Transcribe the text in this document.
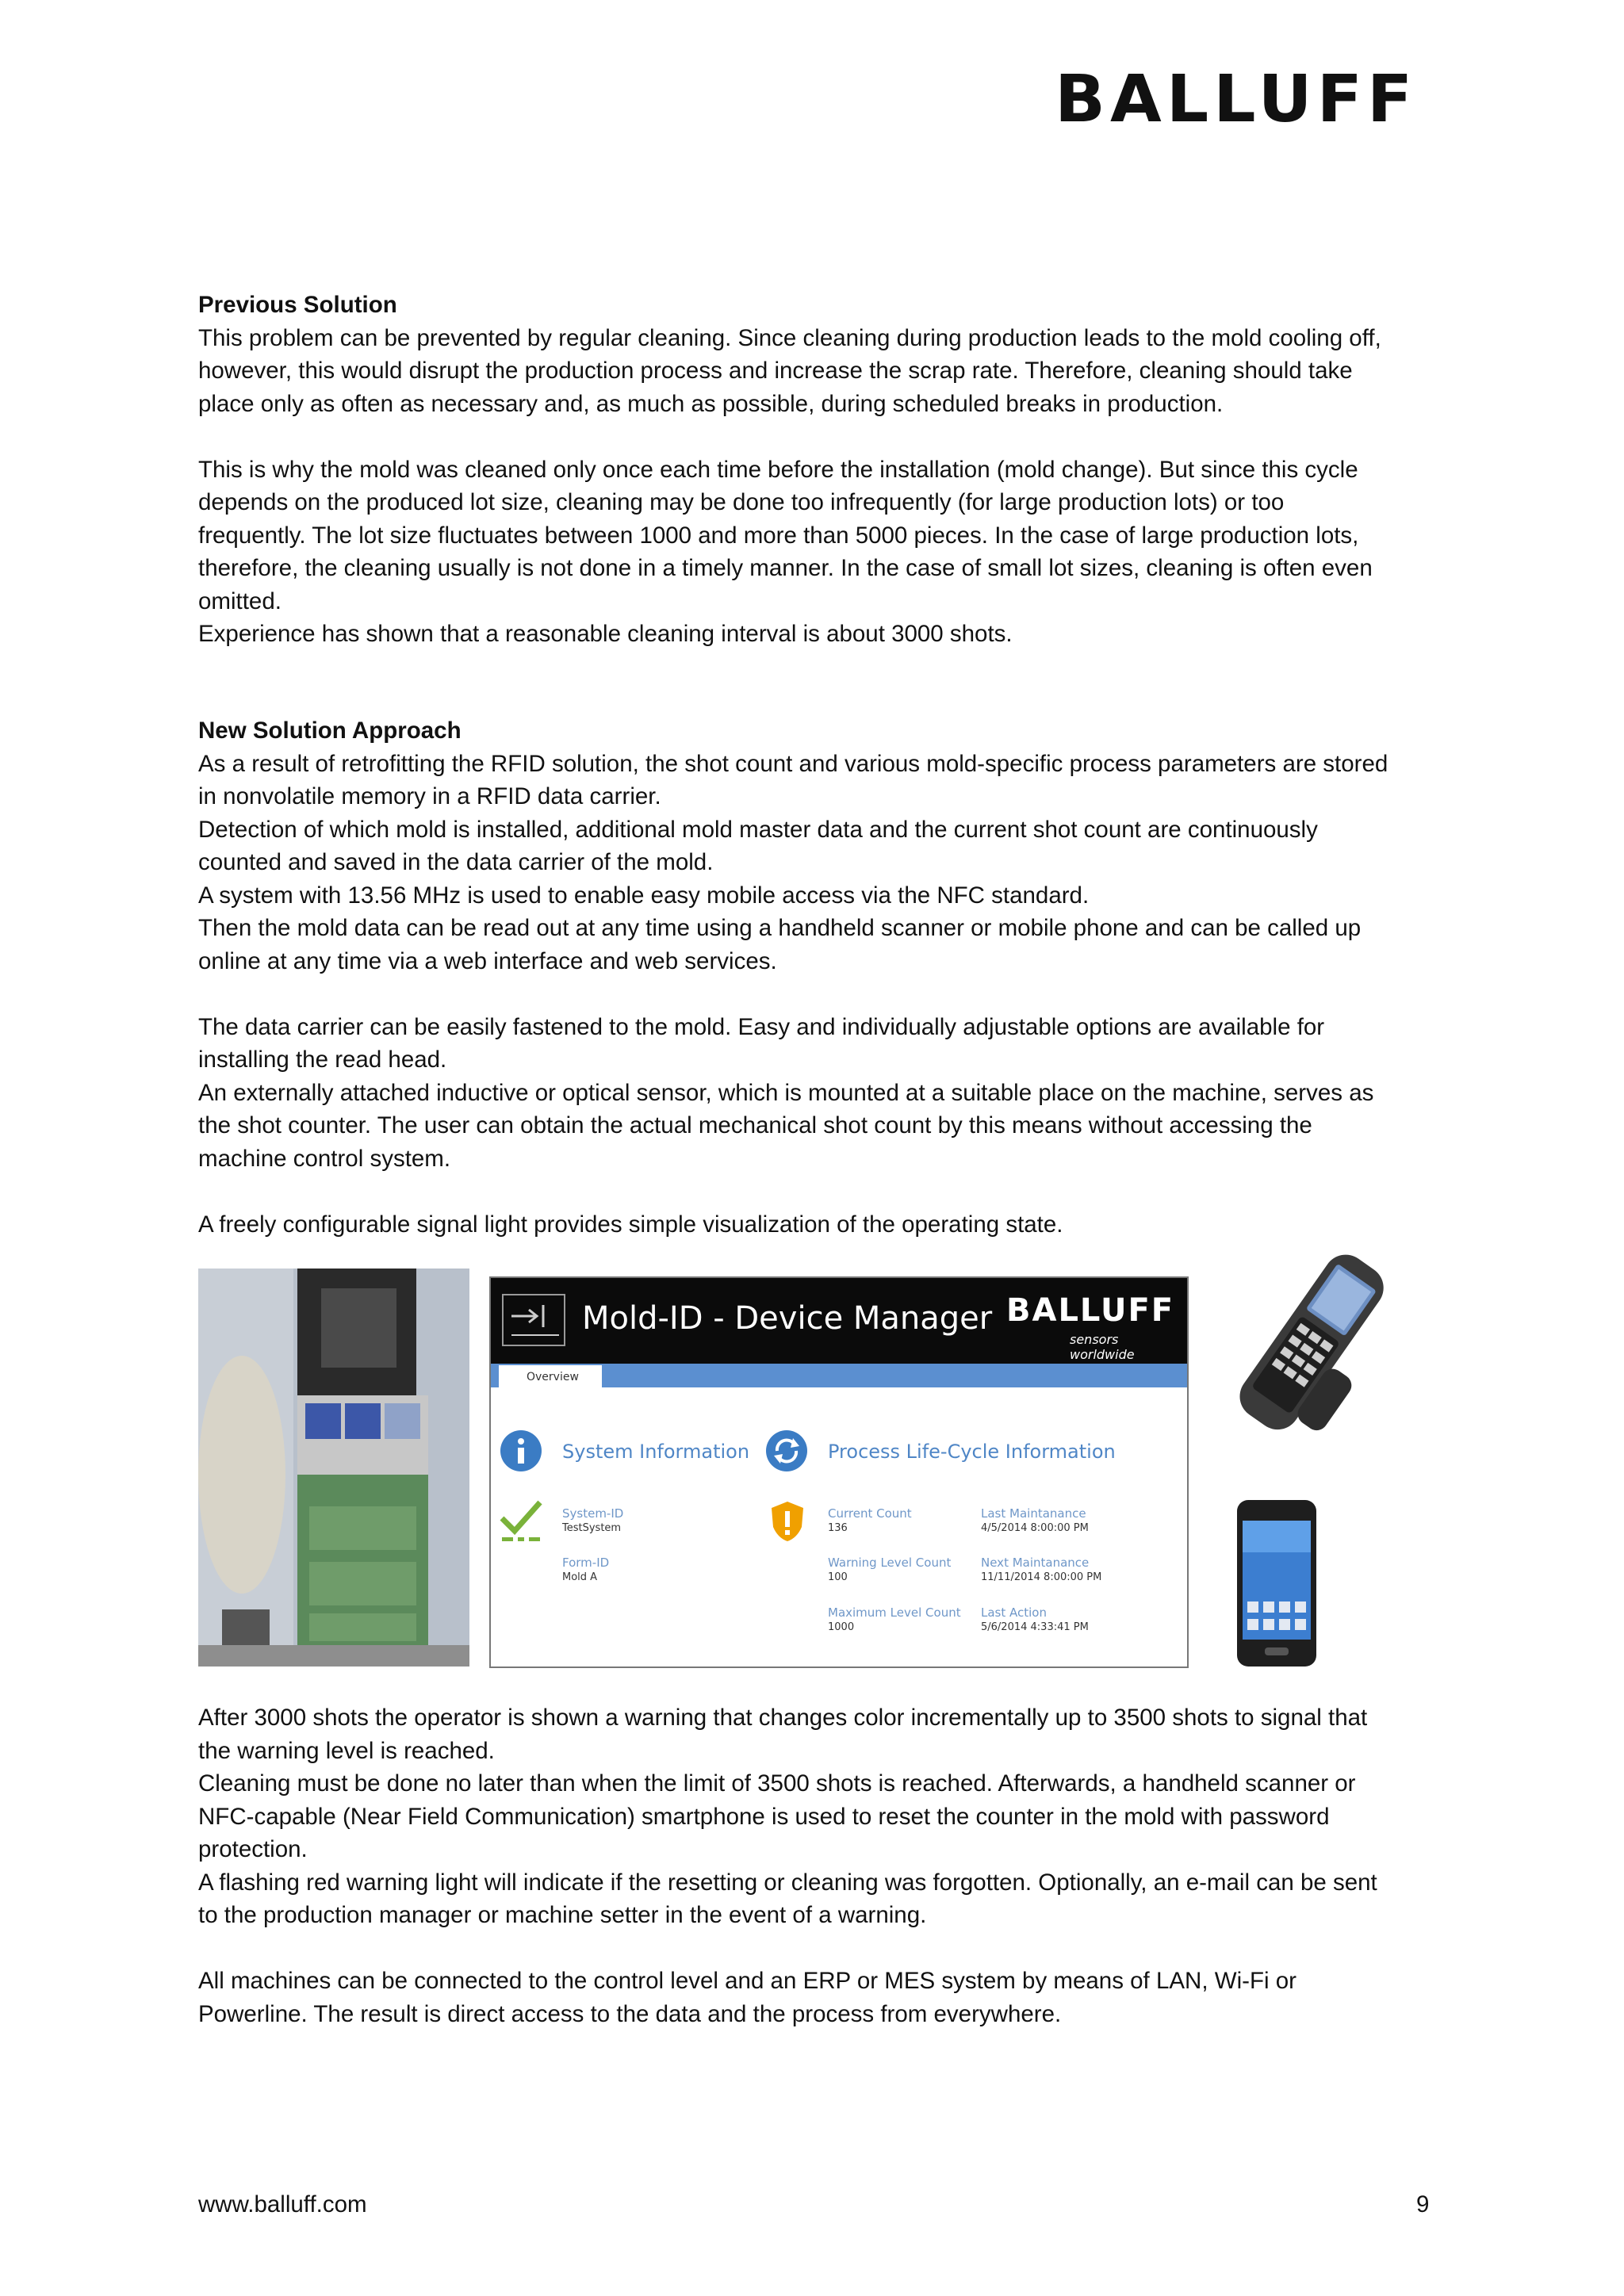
BALLUFF

Previous Solution

This problem can be prevented by regular cleaning. Since cleaning during production leads to the mold cooling off,
however, this would disrupt the production process and increase the scrap rate. Therefore, cleaning should take
place only as often as necessary and, as much as possible, during scheduled breaks in production.
This is why the mold was cleaned only once each time before the installation (mold change). But since this cycle
depends on the produced lot size, cleaning may be done too infrequently (for large production lots) or too
frequently. The lot size fluctuates between 1000 and more than 5000 pieces. In the case of large production lots,
therefore, the cleaning usually is not done in a timely manner. In the case of small lot sizes, cleaning is often even
omitted.
Experience has shown that a reasonable cleaning interval is about 3000 shots.

New Solution Approach

As a result of retrofitting the RFID solution, the shot count and various mold-specific process parameters are stored
in nonvolatile memory in a RFID data carrier.
Detection of which mold is installed, additional mold master data and the current shot count are continuously
counted and saved in the data carrier of the mold.
A system with 13.56 MHz is used to enable easy mobile access via the NFC standard.
Then the mold data can be read out at any time using a handheld scanner or mobile phone and can be called up
online at any time via a web interface and web services.
The data carrier can be easily fastened to the mold. Easy and individually adjustable options are available for
installing the read head.
An externally attached inductive or optical sensor, which is mounted at a suitable place on the machine, serves as
the shot counter. The user can obtain the actual mechanical shot count by this means without accessing the
machine control system.
A freely configurable signal light provides simple visualization of the operating state.
Mold-ID - Device Manager BALLUFF
sensors worldwide
Overview
System Information	Process Life-Cycle Information
System-ID
TestSystem
Form-ID
Mold A
Current Count
136
Warning Level Count
100
Maximum Level Count
1000
Last Maintanance
4/5/2014 8:00:00 PM
Next Maintanance
11/11/2014 8:00:00 PM
Last Action
5/6/2014 4:33:41 PM
After 3000 shots the operator is shown a warning that changes color incrementally up to 3500 shots to signal that
the warning level is reached.
Cleaning must be done no later than when the limit of 3500 shots is reached. Afterwards, a handheld scanner or
NFC-capable (Near Field Communication) smartphone is used to reset the counter in the mold with password
protection.
A flashing red warning light will indicate if the resetting or cleaning was forgotten. Optionally, an e-mail can be sent
to the production manager or machine setter in the event of a warning.
All machines can be connected to the control level and an ERP or MES system by means of LAN, Wi-Fi or
Powerline. The result is direct access to the data and the process from everywhere.
www.balluff.com	9
